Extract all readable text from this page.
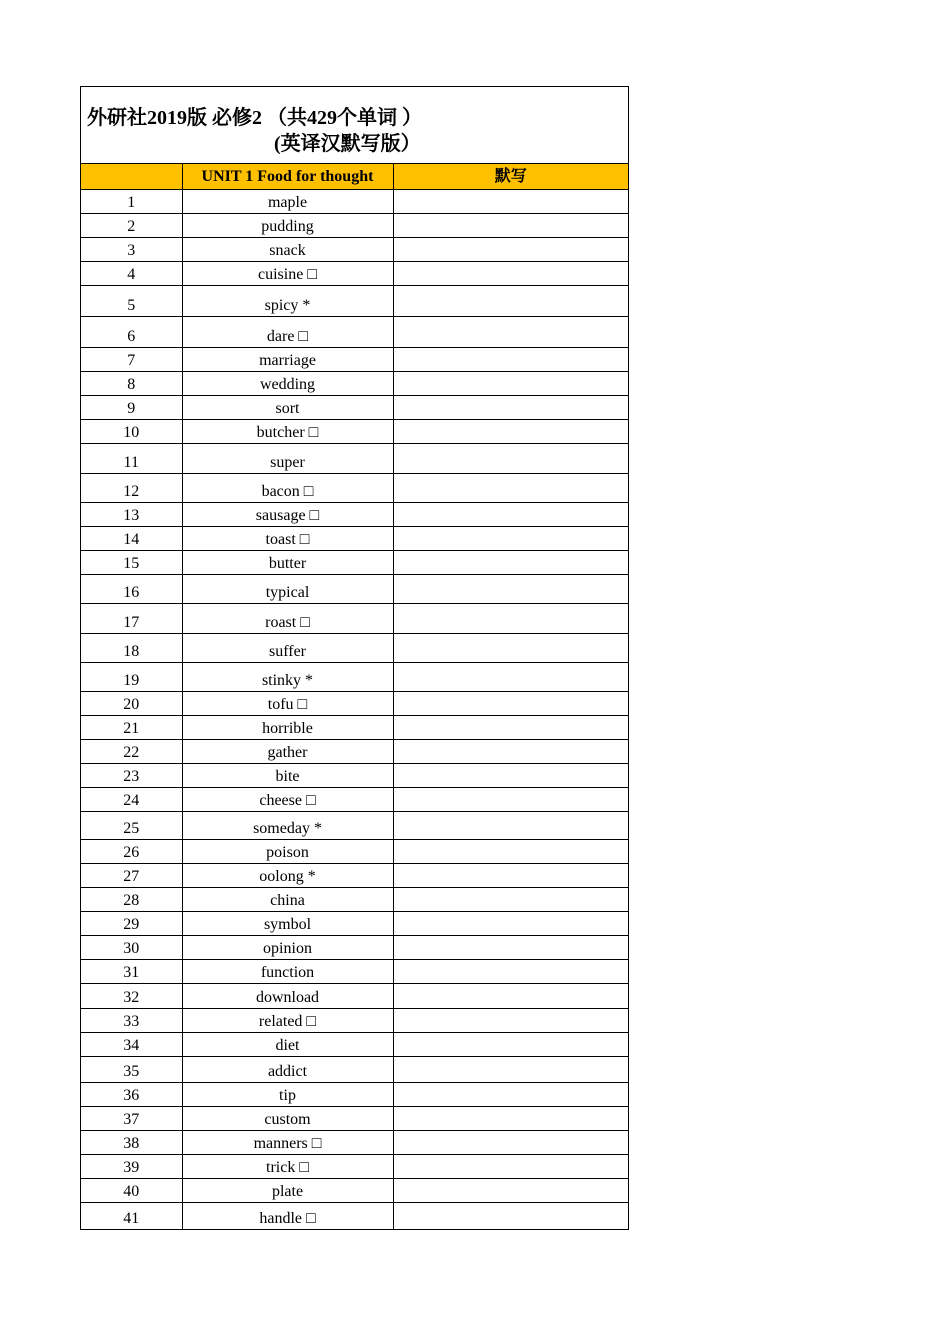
外研社2019版 必修2 （共429个单词 ）
(英译汉默写版）
	UNIT 1 Food for thought	默写
1	maple	
2	pudding	
3	snack	
4	cuisine □	
5	spicy *	
6	dare □	
7	marriage	
8	wedding	
9	sort	
10	butcher □	
11	super	
12	bacon □	
13	sausage □	
14	toast □	
15	butter	
16	typical	
17	roast □	
18	suffer	
19	stinky *	
20	tofu □	
21	horrible	
22	gather	
23	bite	
24	cheese □	
25	someday *	
26	poison	
27	oolong *	
28	china	
29	symbol	
30	opinion	
31	function	
32	download	
33	related □	
34	diet	
35	addict	
36	tip	
37	custom	
38	manners □	
39	trick □	
40	plate	
41	handle □	
